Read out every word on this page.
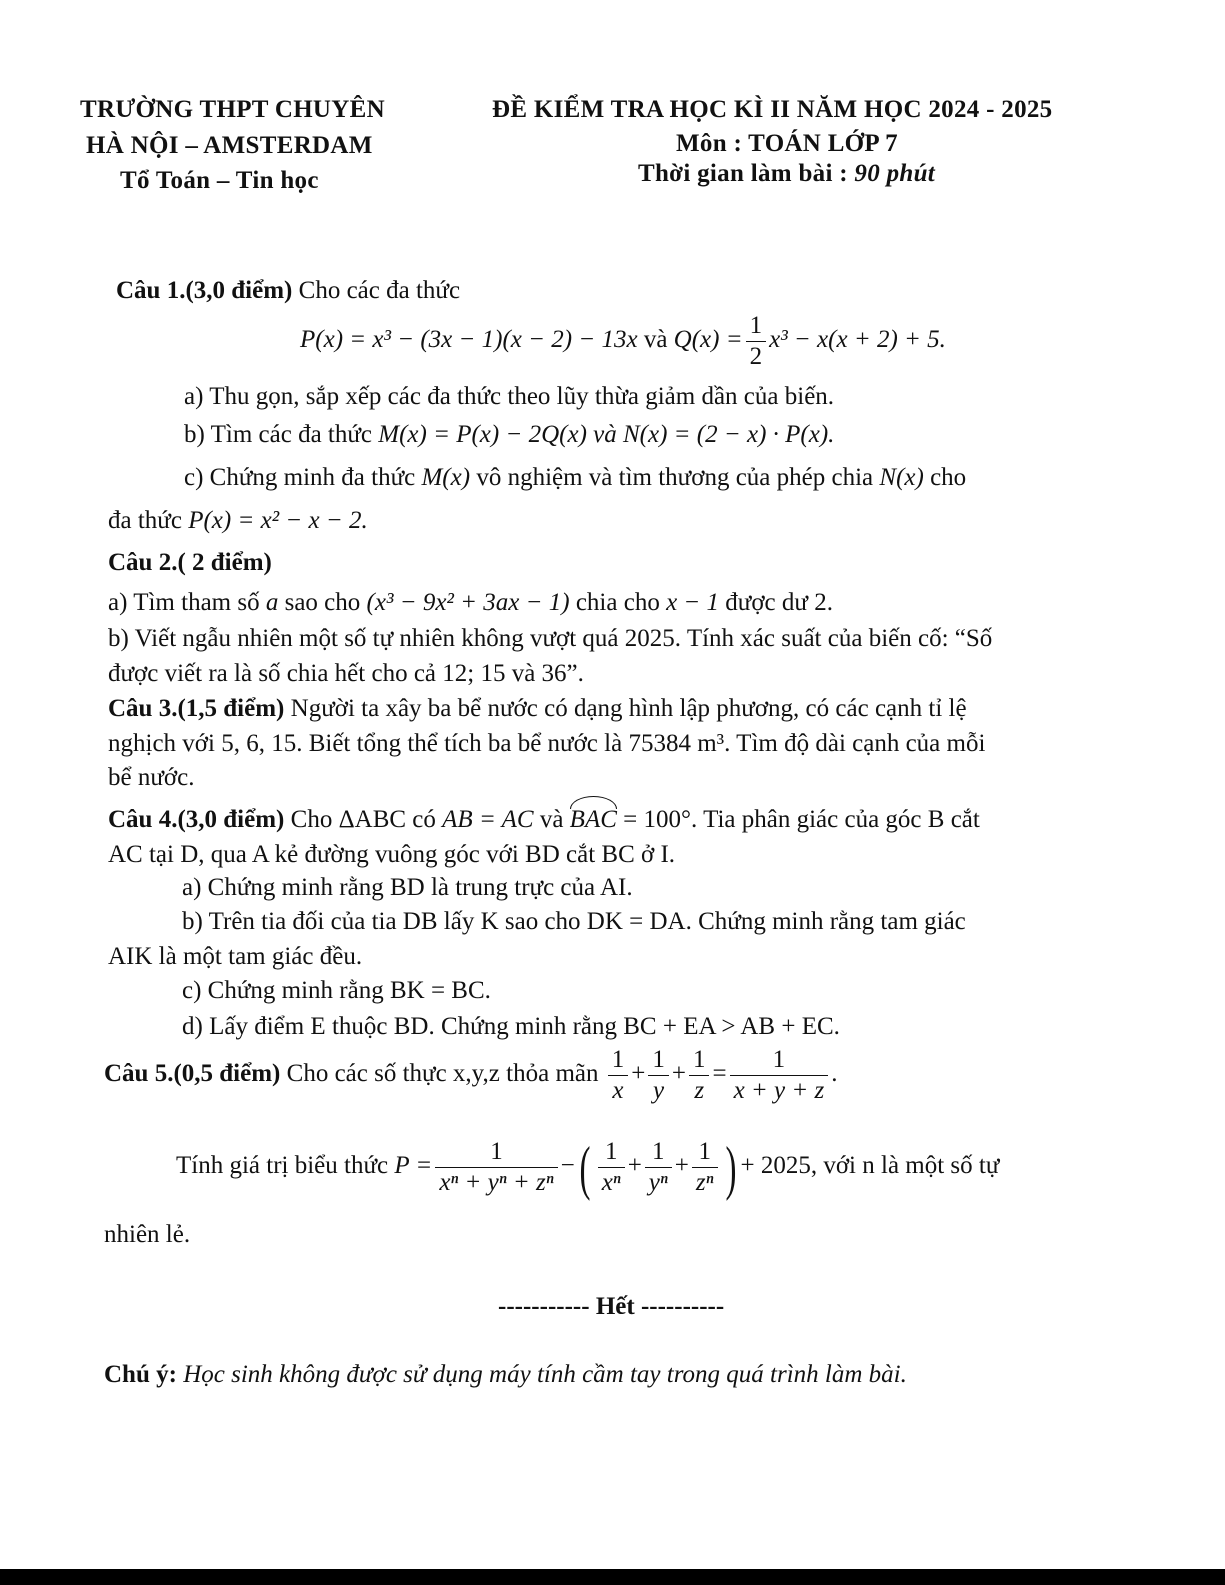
TRƯỜNG THPT CHUYÊN
HÀ NỘI – AMSTERDAM
Tổ Toán – Tin học
ĐỀ KIỂM TRA HỌC KÌ II NĂM HỌC 2024 - 2025
Môn : TOÁN LỚP 7
Thời gian làm bài : 90 phút
Câu 1.(3,0 điểm) Cho các đa thức
P(x) = x³ − (3x − 1)(x − 2) − 13x và $Q(x) = \frac{1}{2} x^3 - x(x + 2) + 5$.
a) Thu gọn, sắp xếp các đa thức theo lũy thừa giảm dần của biến.
b) Tìm các đa thức M(x) = P(x) − 2Q(x) và N(x) = (2 − x) · P(x).
c) Chứng minh đa thức M(x) vô nghiệm và tìm thương của phép chia N(x) cho
đa thức P(x) = x² − x − 2.
Câu 2.( 2 điểm)
a) Tìm tham số a sao cho (x³ − 9x² + 3ax − 1) chia cho x − 1 được dư 2.
b) Viết ngẫu nhiên một số tự nhiên không vượt quá 2025. Tính xác suất của biến cố: “Số
được viết ra là số chia hết cho cả 12; 15 và 36”.
Câu 3.(1,5 điểm) Người ta xây ba bể nước có dạng hình lập phương, có các cạnh tỉ lệ
nghịch với 5, 6, 15. Biết tổng thể tích ba bể nước là 75384 m³. Tìm độ dài cạnh của mỗi
bể nước.
Câu 4.(3,0 điểm) Cho ΔABC có AB = AC và BAC = 100°. Tia phân giác của góc B cắt
AC tại D, qua A kẻ đường vuông góc với BD cắt BC ở I.
a) Chứng minh rằng BD là trung trực của AI.
b) Trên tia đối của tia DB lấy K sao cho DK = DA. Chứng minh rằng tam giác
AIK là một tam giác đều.
c) Chứng minh rằng BK = BC.
d) Lấy điểm E thuộc BD. Chứng minh rằng BC + EA > AB + EC.
Câu 5.(0,5 điểm) Cho các số thực x,y,z thỏa mãn $\frac{1}{x} + \frac{1}{y} + \frac{1}{z} = \frac{1}{x + y + z}$ .
Tính giá trị biểu thức $P = \frac{1}{\text{xⁿ + yⁿ + zⁿ}}$ −( $\frac{1}{\text{xⁿ}} + \frac{1}{\text{yⁿ}} + \frac{1}{\text{zⁿ}}$ ) + 2025, với n là một số tự
nhiên lẻ.
----------- Hết ----------
Chú ý: Học sinh không được sử dụng máy tính cầm tay trong quá trình làm bài.
